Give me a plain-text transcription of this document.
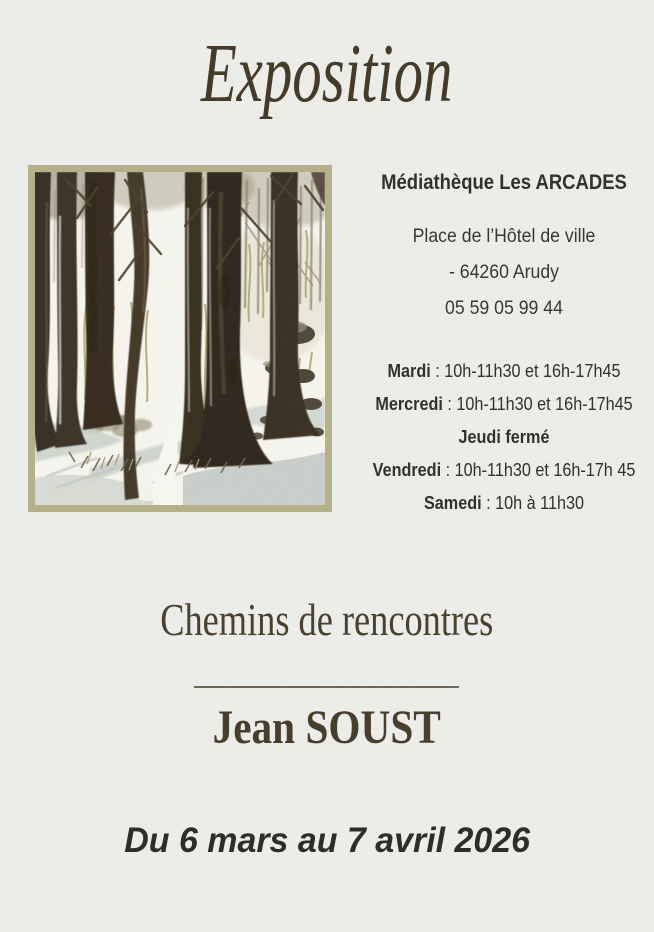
Exposition
Médiathèque Les ARCADES
Place de l’Hôtel de ville
- 64260 Arudy
05 59 05 99 44
Mardi : 10h-11h30 et 16h-17h45
Mercredi : 10h-11h30 et 16h-17h45
Jeudi fermé
Vendredi : 10h-11h30 et 16h-17h 45
Samedi : 10h à 11h30
Chemins de rencontres
Jean SOUST
Du 6 mars au 7 avril 2026
